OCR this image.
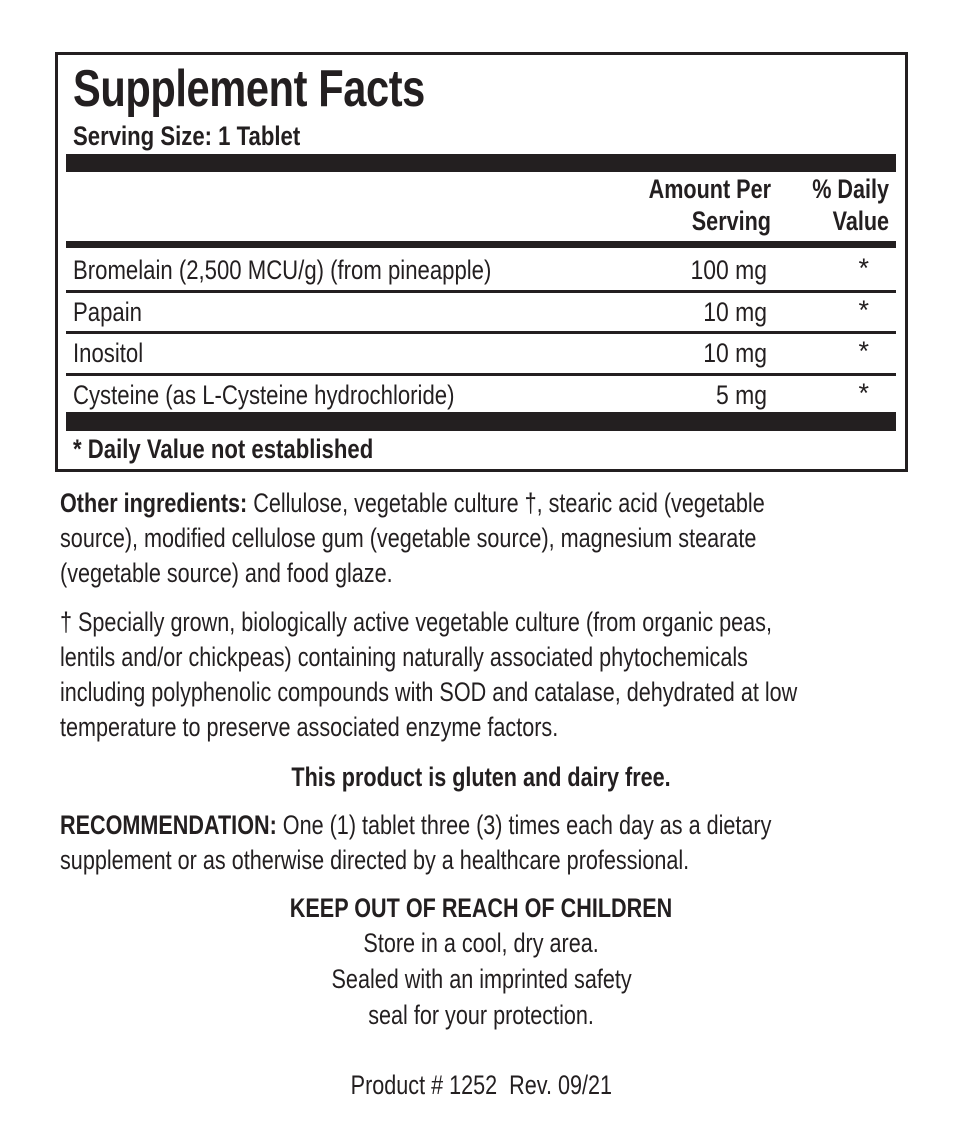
Supplement Facts
Serving Size: 1 Tablet
Amount Per
Serving
% Daily
Value
Bromelain (2,500 MCU/g) (from pineapple)	100 mg	*
Papain	10 mg	*
Inositol	10 mg	*
Cysteine (as L-Cysteine hydrochloride)	5 mg	*
* Daily Value not established
Other ingredients: Cellulose, vegetable culture †, stearic acid (vegetable
source), modified cellulose gum (vegetable source), magnesium stearate
(vegetable source) and food glaze.
† Specially grown, biologically active vegetable culture (from organic peas,
lentils and/or chickpeas) containing naturally associated phytochemicals
including polyphenolic compounds with SOD and catalase, dehydrated at low
temperature to preserve associated enzyme factors.
This product is gluten and dairy free.
RECOMMENDATION: One (1) tablet three (3) times each day as a dietary
supplement or as otherwise directed by a healthcare professional.
KEEP OUT OF REACH OF CHILDREN
Store in a cool, dry area.
Sealed with an imprinted safety
seal for your protection.
Product # 1252  Rev. 09/21
